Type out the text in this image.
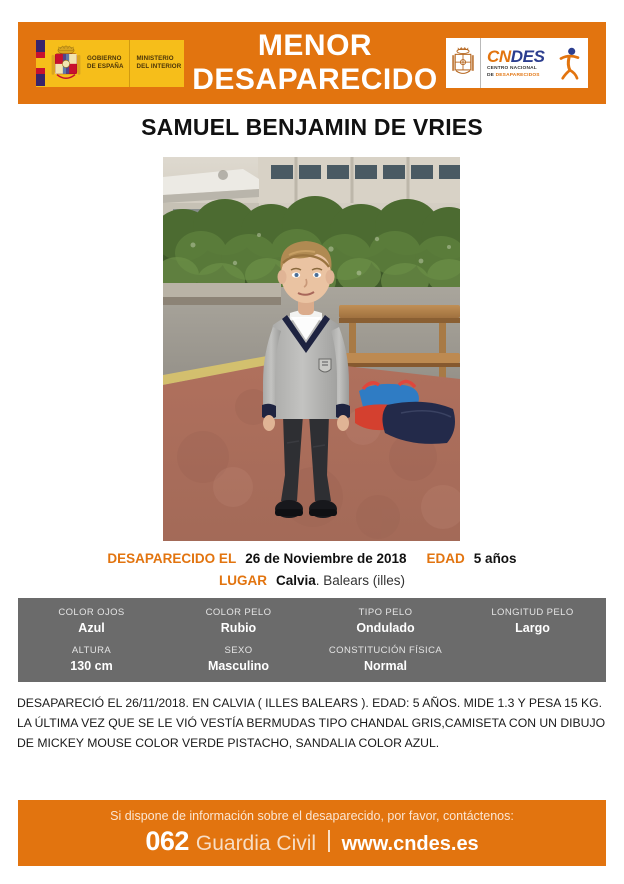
GOBIERNO
DE ESPAÑA
MINISTERIO
DEL INTERIOR
MENOR
DESAPARECIDO
CNDES
CENTRO NACIONAL
DE DESAPARECIDOS
SAMUEL BENJAMIN DE VRIES
DESAPARECIDO EL 26 de Noviembre de 2018 EDAD 5 años
LUGAR Calvia. Balears (illes)
COLOR OJOS
Azul
COLOR PELO
Rubio
TIPO PELO
Ondulado
LONGITUD PELO
Largo
ALTURA
130 cm
SEXO
Masculino
CONSTITUCIÓN FÍSICA
Normal
DESAPARECIÓ EL 26/11/2018. EN CALVIA ( ILLES BALEARS ). EDAD: 5 AÑOS. MIDE 1.3 Y PESA 15 KG. LA ÚLTIMA VEZ QUE SE LE VIÓ VESTÍA BERMUDAS TIPO CHANDAL GRIS,CAMISETA CON UN DIBUJO DE MICKEY MOUSE COLOR VERDE PISTACHO, SANDALIA COLOR AZUL.
Si dispone de información sobre el desaparecido, por favor, contáctenos:
062 Guardia Civil www.cndes.es
